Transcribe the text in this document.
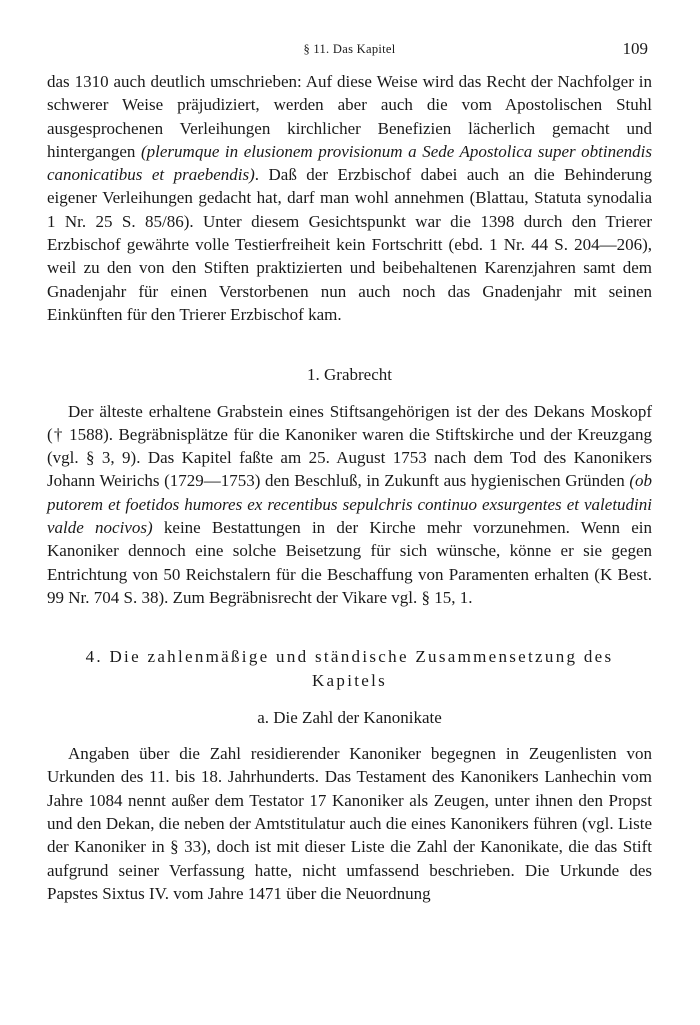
§ 11. Das Kapitel	109

das 1310 auch deutlich umschrieben: Auf diese Weise wird das Recht der Nachfolger in schwerer Weise präjudiziert, werden aber auch die vom Apostolischen Stuhl ausgesprochenen Verleihungen kirchlicher Benefizien lächerlich gemacht und hintergangen (plerumque in elusionem provisionum a Sede Apostolica super obtinendis canonicatibus et praebendis). Daß der Erzbischof dabei auch an die Behinderung eigener Verleihungen gedacht hat, darf man wohl annehmen (Blattau, Statuta synodalia 1 Nr. 25 S. 85/86). Unter diesem Gesichtspunkt war die 1398 durch den Trierer Erzbischof gewährte volle Testierfreiheit kein Fortschritt (ebd. 1 Nr. 44 S. 204—206), weil zu den von den Stiften praktizierten und beibehaltenen Karenzjahren samt dem Gnadenjahr für einen Verstorbenen nun auch noch das Gnadenjahr mit seinen Einkünften für den Trierer Erzbischof kam.

1. Grabrecht

Der älteste erhaltene Grabstein eines Stiftsangehörigen ist der des Dekans Moskopf († 1588). Begräbnisplätze für die Kanoniker waren die Stiftskirche und der Kreuzgang (vgl. § 3, 9). Das Kapitel faßte am 25. August 1753 nach dem Tod des Kanonikers Johann Weirichs (1729—1753) den Beschluß, in Zukunft aus hygienischen Gründen (ob putorem et foetidos humores ex recentibus sepulchris continuo exsurgentes et valetudini valde nocivos) keine Bestattungen in der Kirche mehr vorzunehmen. Wenn ein Kanoniker dennoch eine solche Beisetzung für sich wünsche, könne er sie gegen Entrichtung von 50 Reichstalern für die Beschaffung von Paramenten erhalten (K Best. 99 Nr. 704 S. 38). Zum Begräbnisrecht der Vikare vgl. § 15, 1.

4. Die zahlenmäßige und ständische Zusammensetzung des Kapitels
a. Die Zahl der Kanonikate

Angaben über die Zahl residierender Kanoniker begegnen in Zeugenlisten von Urkunden des 11. bis 18. Jahrhunderts. Das Testament des Kanonikers Lanhechin vom Jahre 1084 nennt außer dem Testator 17 Kanoniker als Zeugen, unter ihnen den Propst und den Dekan, die neben der Amtstitulatur auch die eines Kanonikers führen (vgl. Liste der Kanoniker in § 33), doch ist mit dieser Liste die Zahl der Kanonikate, die das Stift aufgrund seiner Verfassung hatte, nicht umfassend beschrieben. Die Urkunde des Papstes Sixtus IV. vom Jahre 1471 über die Neuordnung
